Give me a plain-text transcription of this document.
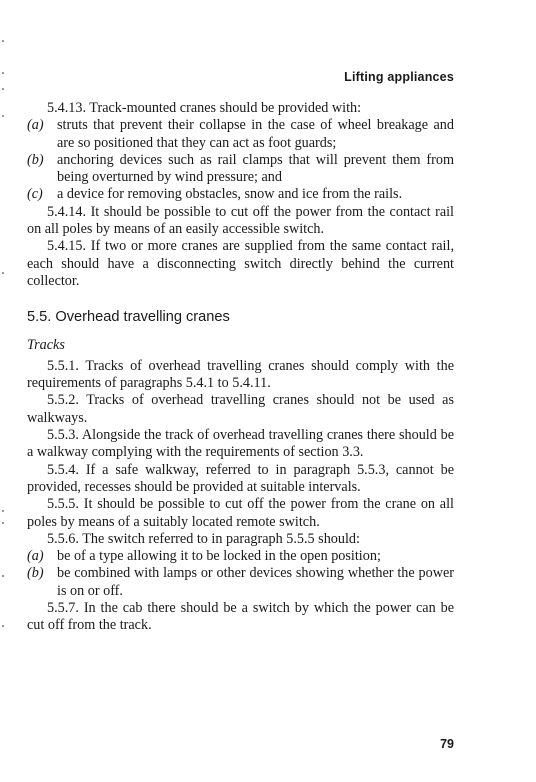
Lifting appliances

5.4.13. Track-mounted cranes should be provided with:

(a) struts that prevent their collapse in the case of wheel breakage and are so positioned that they can act as foot guards;
(b) anchoring devices such as rail clamps that will prevent them from being overturned by wind pressure; and
(c) a device for removing obstacles, snow and ice from the rails.

5.4.14. It should be possible to cut off the power from the contact rail on all poles by means of an easily accessible switch.

5.4.15. If two or more cranes are supplied from the same contact rail, each should have a disconnecting switch directly behind the current collector.

5.5. Overhead travelling cranes

Tracks

5.5.1. Tracks of overhead travelling cranes should comply with the requirements of paragraphs 5.4.1 to 5.4.11.

5.5.2. Tracks of overhead travelling cranes should not be used as walkways.

5.5.3. Alongside the track of overhead travelling cranes there should be a walkway complying with the requirements of section 3.3.

5.5.4. If a safe walkway, referred to in paragraph 5.5.3, cannot be provided, recesses should be provided at suitable intervals.

5.5.5. It should be possible to cut off the power from the crane on all poles by means of a suitably located remote switch.

5.5.6. The switch referred to in paragraph 5.5.5 should:

(a) be of a type allowing it to be locked in the open position;
(b) be combined with lamps or other devices showing whether the power is on or off.

5.5.7. In the cab there should be a switch by which the power can be cut off from the track.

79
